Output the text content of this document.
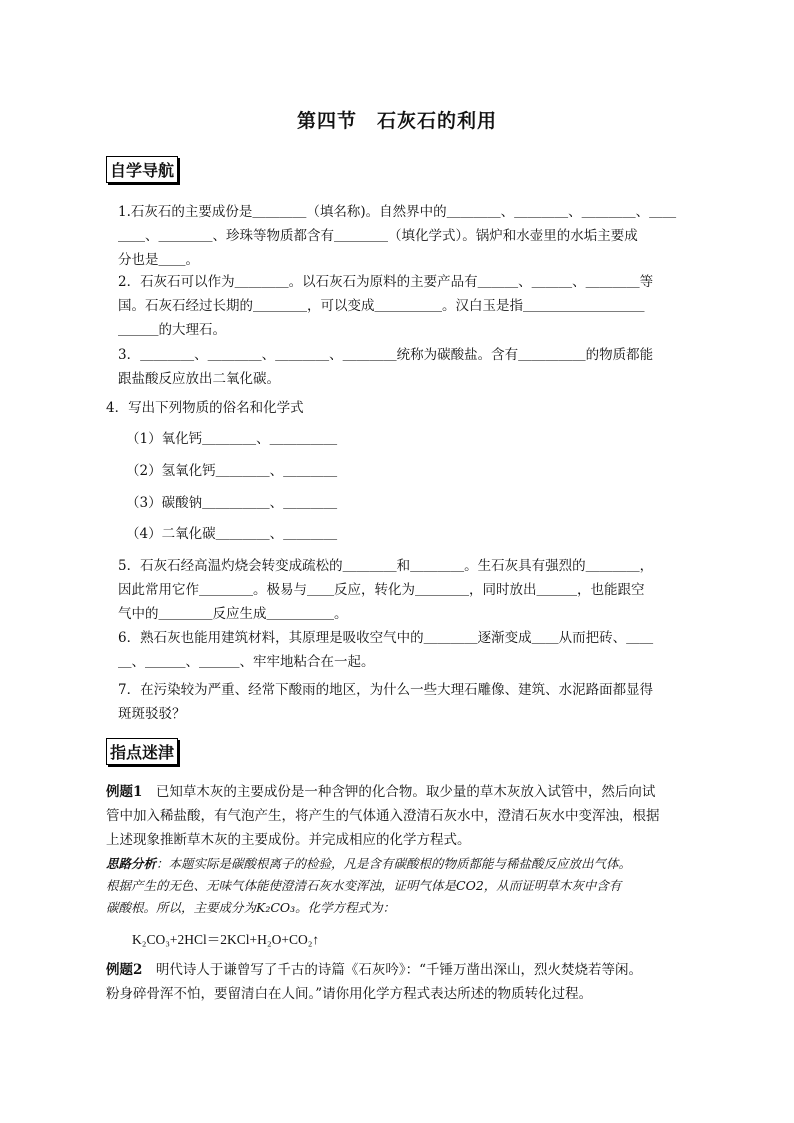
第四节　石灰石的利用
自学导航
1.石灰石的主要成份是＿＿＿＿（填名称)。自然界中的＿＿＿＿、＿＿＿＿、＿＿＿＿、＿＿
＿＿、＿＿＿＿、珍珠等物质都含有＿＿＿＿（填化学式）。锅炉和水壶里的水垢主要成
分也是＿＿。
2．石灰石可以作为＿＿＿＿。以石灰石为原料的主要产品有＿＿＿、＿＿＿、＿＿＿＿等
国。石灰石经过长期的＿＿＿＿，可以变成＿＿＿＿＿。汉白玉是指＿＿＿＿＿＿＿＿＿
＿＿＿的大理石。
3．＿＿＿＿、＿＿＿＿、＿＿＿＿、＿＿＿＿统称为碳酸盐。含有＿＿＿＿＿的物质都能
跟盐酸反应放出二氧化碳。
4．写出下列物质的俗名和化学式
（1）氧化钙＿＿＿＿、＿＿＿＿＿
（2）氢氧化钙＿＿＿＿、＿＿＿＿
（3）碳酸钠＿＿＿＿＿、＿＿＿＿
（4）二氧化碳＿＿＿＿、＿＿＿＿
5．石灰石经高温灼烧会转变成疏松的＿＿＿＿和＿＿＿＿。生石灰具有强烈的＿＿＿＿，
因此常用它作＿＿＿＿。极易与＿＿反应，转化为＿＿＿＿，同时放出＿＿＿，也能跟空
气中的＿＿＿＿反应生成＿＿＿＿＿。
6．熟石灰也能用建筑材料，其原理是吸收空气中的＿＿＿＿逐渐变成＿＿从而把砖、＿＿
＿、＿＿＿、＿＿＿、牢牢地粘合在一起。
7．在污染较为严重、经常下酸雨的地区，为什么一些大理石雕像、建筑、水泥路面都显得
斑斑驳驳？
指点迷津
例题1　已知草木灰的主要成份是一种含钾的化合物。取少量的草木灰放入试管中，然后向试
管中加入稀盐酸，有气泡产生，将产生的气体通入澄清石灰水中，澄清石灰水中变浑浊，根据
上述现象推断草木灰的主要成份。并完成相应的化学方程式。
思路分析：本题实际是碳酸根离子的检验，凡是含有碳酸根的物质都能与稀盐酸反应放出气体。
根据产生的无色、无味气体能使澄清石灰水变浑浊，证明气体是CO2，从而证明草木灰中含有
碳酸根。所以，主要成分为K₂CO₃。化学方程式为：
K₂CO₃+2HCl＝2KCl+H₂O+CO₂↑
例题2　明代诗人于谦曾写了千古的诗篇《石灰吟》：“千锤万凿出深山，烈火焚烧若等闲。
粉身碎骨浑不怕，要留清白在人间。”请你用化学方程式表达所述的物质转化过程。
